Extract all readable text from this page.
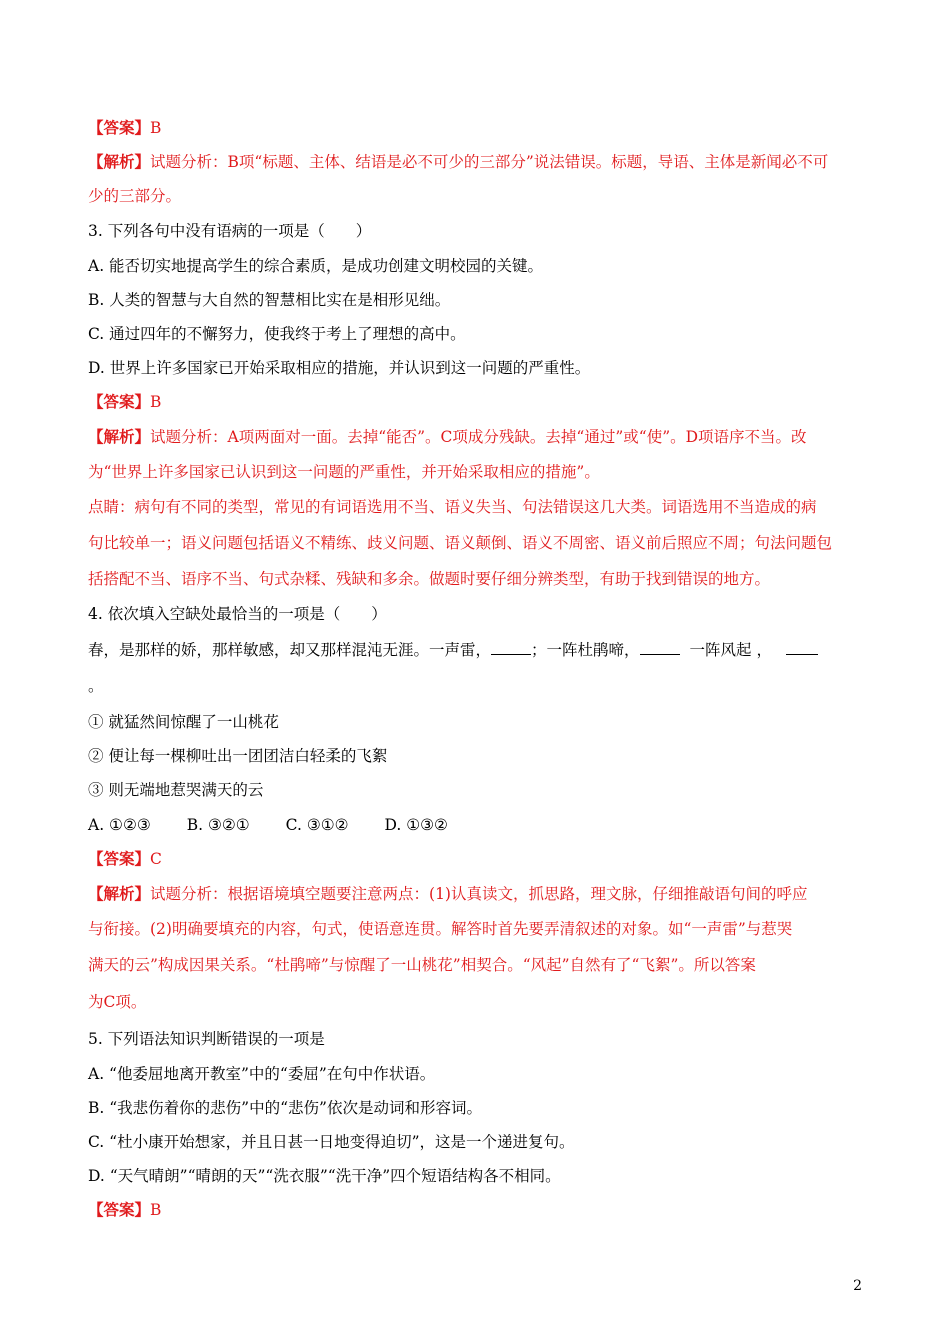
【答案】B
【解析】试题分析：B项“标题、主体、结语是必不可少的三部分”说法错误。标题，导语、主体是新闻必不可
少的三部分。
3. 下列各句中没有语病的一项是（　　）
A. 能否切实地提高学生的综合素质，是成功创建文明校园的关键。
B. 人类的智慧与大自然的智慧相比实在是相形见绌。
C. 通过四年的不懈努力，使我终于考上了理想的高中。
D. 世界上许多国家已开始采取相应的措施，并认识到这一问题的严重性。
【答案】B
【解析】试题分析：A项两面对一面。去掉“能否”。C项成分残缺。去掉“通过”或“使”。D项语序不当。改
为“世界上许多国家已认识到这一问题的严重性，并开始采取相应的措施”。
点睛：病句有不同的类型，常见的有词语选用不当、语义失当、句法错误这几大类。词语选用不当造成的病
句比较单一；语义问题包括语义不精练、歧义问题、语义颠倒、语义不周密、语义前后照应不周；句法问题包
括搭配不当、语序不当、句式杂糅、残缺和多余。做题时要仔细分辨类型，有助于找到错误的地方。
4. 依次填入空缺处最恰当的一项是（　　）
春，是那样的娇，那样敏感，却又那样混沌无涯。一声雷，	；一阵杜鹃啼，	一阵风起 ，
。
① 就猛然间惊醒了一山桃花
② 便让每一棵柳吐出一团团洁白轻柔的飞絮
③ 则无端地惹哭满天的云
A. ①②③ B. ③②① C. ③①② D. ①③②
【答案】C
【解析】试题分析：根据语境填空题要注意两点：(1)认真读文，抓思路，理文脉，仔细推敲语句间的呼应
与衔接。(2)明确要填充的内容，句式，使语意连贯。解答时首先要弄清叙述的对象。如“一声雷”与惹哭
满天的云”构成因果关系。“杜鹃啼”与惊醒了一山桃花”相契合。“风起”自然有了“飞絮”。所以答案
为C项。
5. 下列语法知识判断错误的一项是
A. “他委屈地离开教室”中的“委屈”在句中作状语。
B. “我悲伤着你的悲伤”中的“悲伤”依次是动词和形容词。
C. “杜小康开始想家，并且日甚一日地变得迫切”，这是一个递进复句。
D. “天气晴朗”“晴朗的天”“洗衣服”“洗干净”四个短语结构各不相同。
【答案】B
2
